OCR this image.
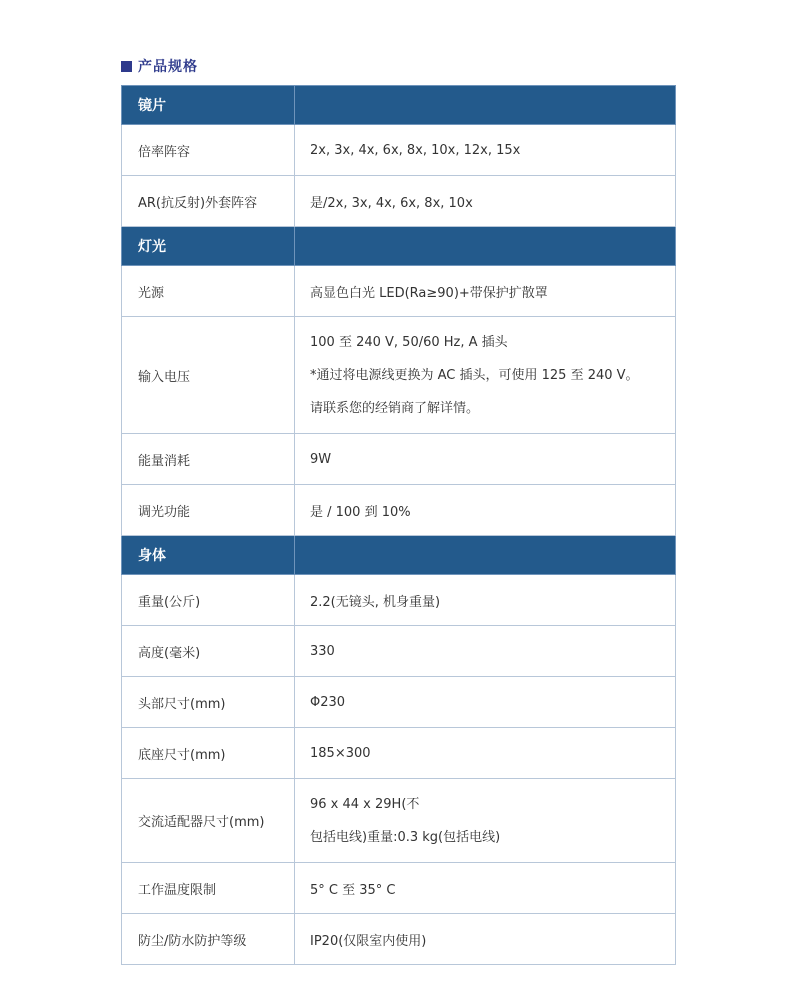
产品规格
镜片	
倍率阵容	2x, 3x, 4x, 6x, 8x, 10x, 12x, 15x
AR(抗反射)外套阵容	是/2x, 3x, 4x, 6x, 8x, 10x
灯光	
光源	高显色白光 LED(Ra≥90)+带保护扩散罩
输入电压	100 至 240 V, 50/60 Hz, A 插头
*通过将电源线更换为 AC 插头，可使用 125 至 240 V。
请联系您的经销商了解详情。

能量消耗	9W
调光功能	是 / 100 到 10%
身体	
重量(公斤)	2.2(无镜头, 机身重量)
高度(毫米)	330
头部尺寸(mm)	Φ230
底座尺寸(mm)	185×300
交流适配器尺寸(mm)	96 x 44 x 29H(不
包括电线)重量:0.3 kg(包括电线)

工作温度限制	5° C 至 35° C
防尘/防水防护等级	IP20(仅限室内使用)
